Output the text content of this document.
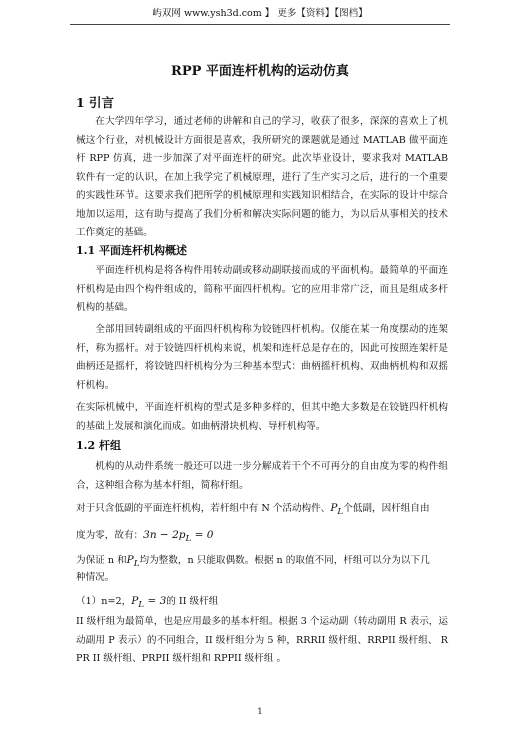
屿双网 www.ysh3d.com 】 更多【资料】【图档】
RPP 平面连杆机构的运动仿真
1 引言

在大学四年学习，通过老师的讲解和自己的学习，收获了很多，深深的喜欢上了机械这个行业，对机械设计方面很是喜欢，我所研究的课题就是通过 MATLAB 做平面连杆 RPP 仿真，进一步加深了对平面连杆的研究。此次毕业设计，要求我对 MATLAB 软件有一定的认识，在加上我学完了机械原理，进行了生产实习之后，进行的一个重要的实践性环节。这要求我们把所学的机械原理和实践知识相结合，在实际的设计中综合地加以运用，这有助与提高了我们分析和解决实际问题的能力，为以后从事相关的技术工作奠定的基础。

1.1 平面连杆机构概述

平面连杆机构是将各构件用转动副或移动副联接而成的平面机构。最简单的平面连杆机构是由四个构件组成的，简称平面四杆机构。它的应用非常广泛，而且是组成多杆机构的基础。

全部用回转副组成的平面四杆机构称为铰链四杆机构。仅能在某一角度摆动的连架杆，称为摇杆。对于铰链四杆机构来说，机架和连杆总是存在的，因此可按照连架杆是曲柄还是摇杆，将铰链四杆机构分为三种基本型式：曲柄摇杆机构、双曲柄机构和双摇杆机构。

在实际机械中，平面连杆机构的型式是多种多样的，但其中绝大多数是在铰链四杆机构的基础上发展和演化而成。如曲柄滑块机构、导杆机构等。

1.2 杆组

机构的从动件系统一般还可以进一步分解成若干个不可再分的自由度为零的构件组合，这种组合称为基本杆组，简称杆组。

对于只含低副的平面连杆机构，若杆组中有 N 个活动构件、$P_L$个低副，因杆组自由
度为零，故有：$3n - 2p_L = 0$
为保证 n 和$P_L$均为整数，n 只能取偶数。根据 n 的取值不同，杆组可以分为以下几
种情况。
（1）n=2，$P_L = 3$的 II 级杆组

II 级杆组为最简单，也是应用最多的基本杆组。根据 3 个运动副（转动副用 R 表示，运动副用 P 表示）的不同组合，II 级杆组分为 5 种，RRRII 级杆组、RRPII 级杆组、 RPR II 级杆组、PRPII 级杆组和 RPPII 级杆组 。

1
